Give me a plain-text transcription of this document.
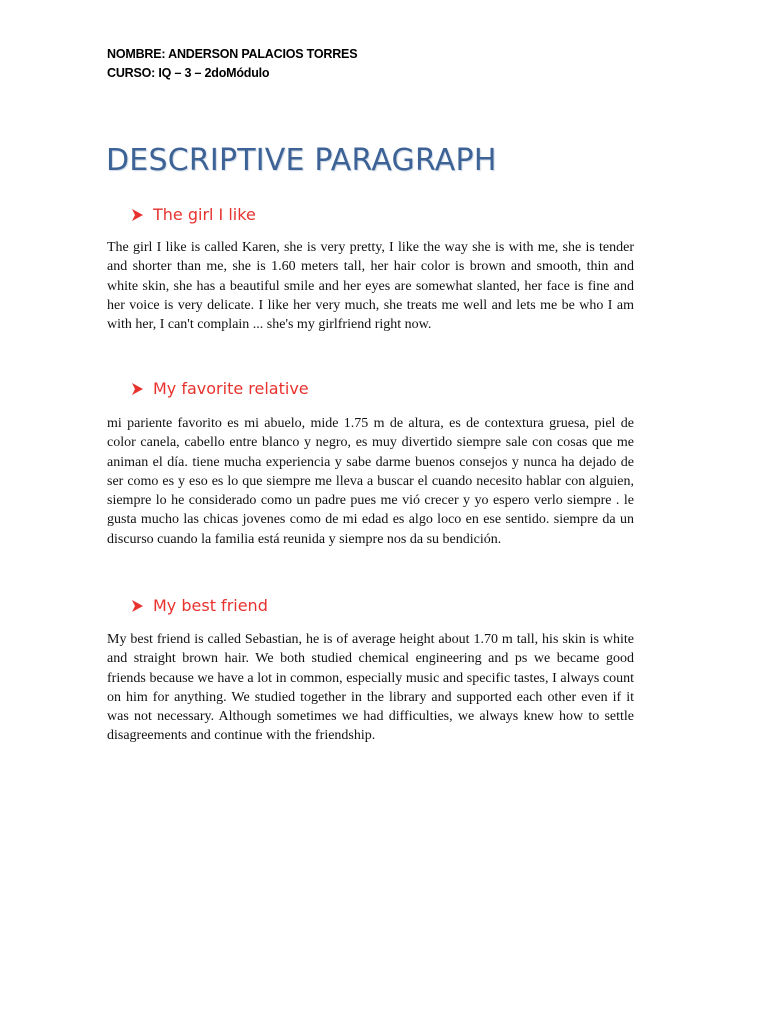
NOMBRE: ANDERSON PALACIOS TORRES
CURSO: IQ – 3 – 2doMódulo
DESCRIPTIVE PARAGRAPH
The girl I like

The girl I like is called Karen, she is very pretty, I like the way she is with me, she is tender and shorter than me, she is 1.60 meters tall, her hair color is brown and smooth, thin and white skin, she has a beautiful smile and her eyes are somewhat slanted, her face is fine and her voice is very delicate. I like her very much, she treats me well and lets me be who I am with her, I can't complain ... she's my girlfriend right now.

My favorite relative

mi pariente favorito es mi abuelo, mide 1.75 m de altura, es de contextura gruesa, piel de color canela, cabello entre blanco y negro, es muy divertido siempre sale con cosas que me animan el día. tiene mucha experiencia y sabe darme buenos consejos y nunca ha dejado de ser como es y eso es lo que siempre me lleva a buscar el cuando necesito hablar con alguien, siempre lo he considerado como un padre pues me vió crecer y yo espero verlo siempre . le gusta mucho las chicas jovenes como de mi edad es algo loco en ese sentido. siempre da un discurso cuando la familia está reunida y siempre nos da su bendición.

My best friend

My best friend is called Sebastian, he is of average height about 1.70 m tall, his skin is white and straight brown hair. We both studied chemical engineering and ps we became good friends because we have a lot in common, especially music and specific tastes, I always count on him for anything. We studied together in the library and supported each other even if it was not necessary. Although sometimes we had difficulties, we always knew how to settle disagreements and continue with the friendship.
